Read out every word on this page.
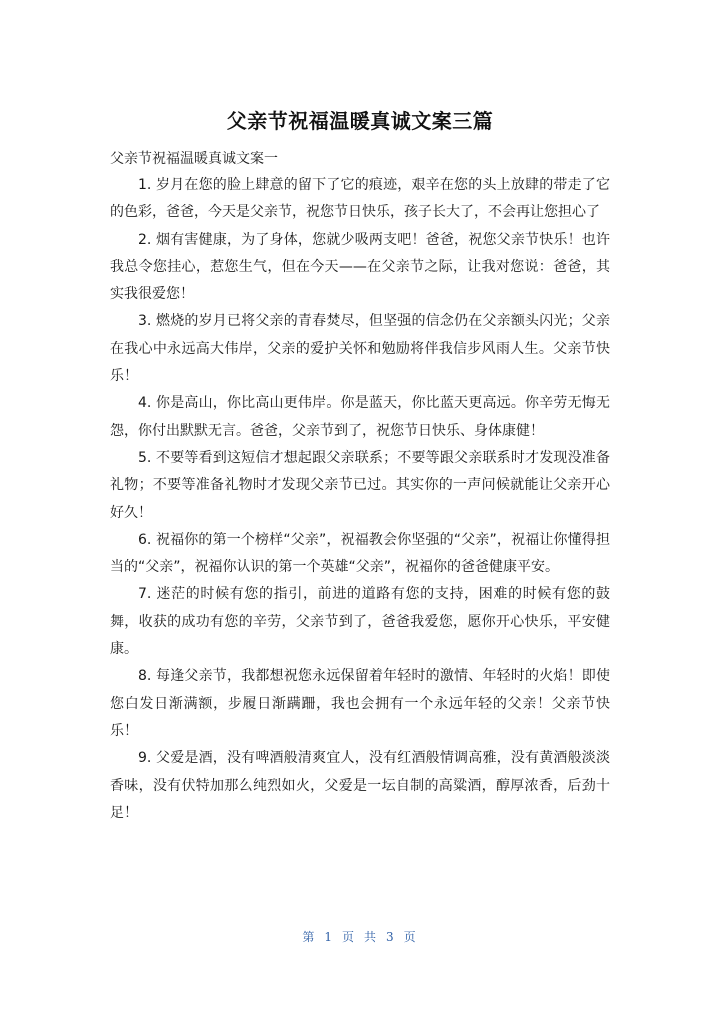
父亲节祝福温暖真诚文案三篇
父亲节祝福温暖真诚文案一

1. 岁月在您的脸上肆意的留下了它的痕迹，艰辛在您的头上放肆的带走了它的色彩，爸爸，今天是父亲节，祝您节日快乐，孩子长大了，不会再让您担心了

2. 烟有害健康，为了身体，您就少吸两支吧！爸爸，祝您父亲节快乐！也许我总令您挂心，惹您生气，但在今天——在父亲节之际，让我对您说：爸爸，其实我很爱您！

3. 燃烧的岁月已将父亲的青春焚尽，但坚强的信念仍在父亲额头闪光；父亲在我心中永远高大伟岸，父亲的爱护关怀和勉励将伴我信步风雨人生。父亲节快乐！

4. 你是高山，你比高山更伟岸。你是蓝天，你比蓝天更高远。你辛劳无悔无怨，你付出默默无言。爸爸，父亲节到了，祝您节日快乐、身体康健！

5. 不要等看到这短信才想起跟父亲联系；不要等跟父亲联系时才发现没准备礼物；不要等准备礼物时才发现父亲节已过。其实你的一声问候就能让父亲开心好久！

6. 祝福你的第一个榜样“父亲”，祝福教会你坚强的“父亲”，祝福让你懂得担当的“父亲”，祝福你认识的第一个英雄“父亲”，祝福你的爸爸健康平安。

7. 迷茫的时候有您的指引，前进的道路有您的支持，困难的时候有您的鼓舞，收获的成功有您的辛劳，父亲节到了，爸爸我爱您，愿你开心快乐，平安健康。

8. 每逢父亲节，我都想祝您永远保留着年轻时的激情、年轻时的火焰！即使您白发日渐满额，步履日渐蹒跚，我也会拥有一个永远年轻的父亲！父亲节快乐！

9. 父爱是酒，没有啤酒般清爽宜人，没有红酒般情调高雅，没有黄酒般淡淡香味，没有伏特加那么纯烈如火，父爱是一坛自制的高粱酒，醇厚浓香，后劲十足！

第 1 页 共 3 页
